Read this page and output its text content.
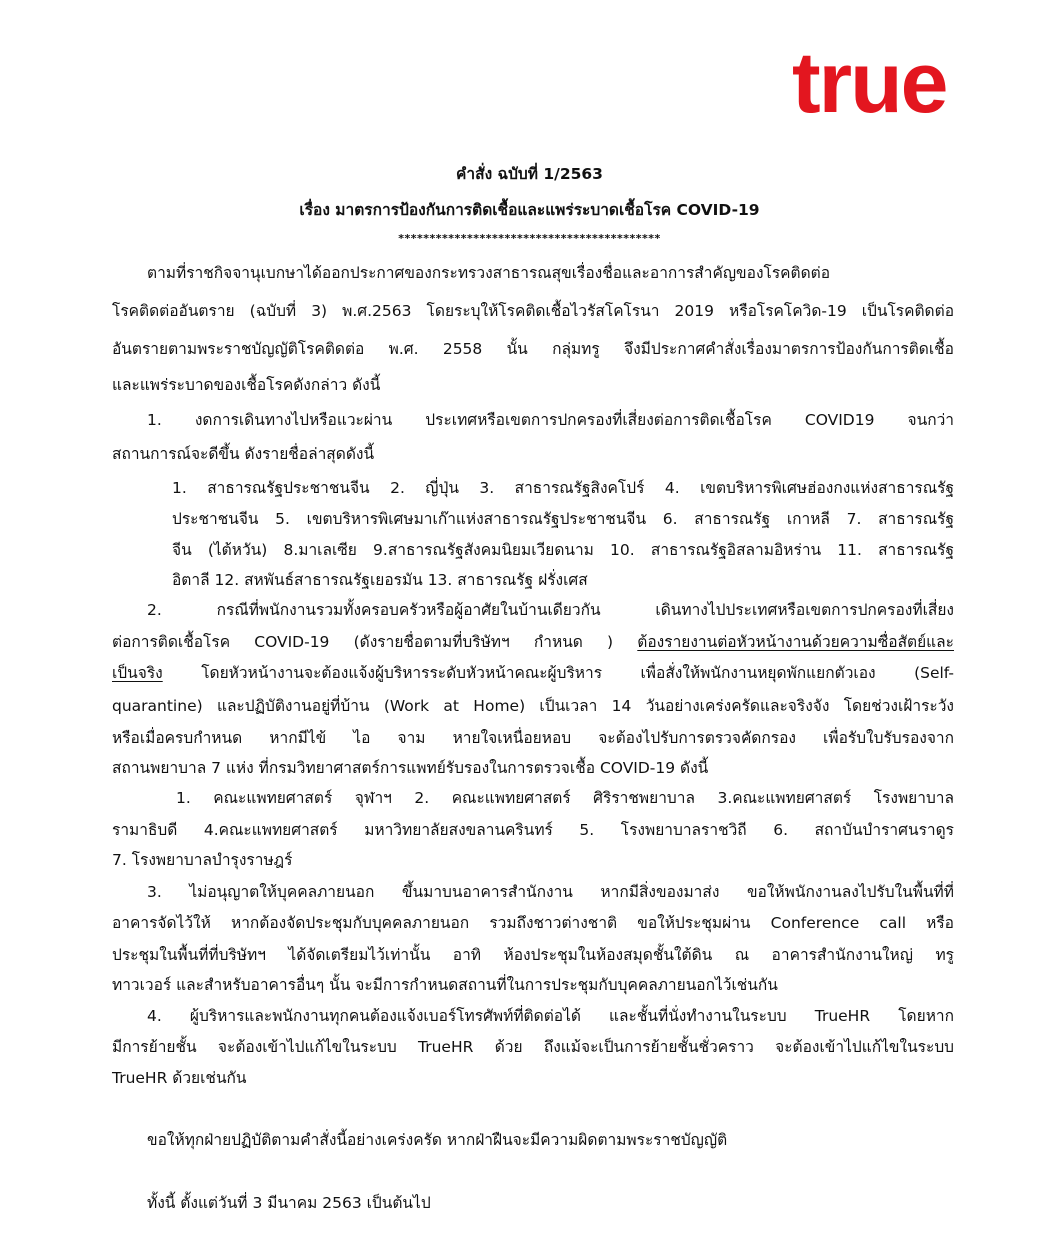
true
คำสั่ง ฉบับที่ 1/2563
เรื่อง มาตรการป้องกันการติดเชื้อและแพร่ระบาดเชื้อโรค COVID-19
******************************************
ตามที่ราชกิจจานุเบกษาได้ออกประกาศของกระทรวงสาธารณสุขเรื่องชื่อและอาการสำคัญของโรคติดต่อ
โรคติดต่ออันตราย (ฉบับที่ 3) พ.ศ.2563 โดยระบุให้โรคติดเชื้อไวรัสโคโรนา 2019 หรือโรคโควิด-19 เป็นโรคติดต่อ
อันตรายตามพระราชบัญญัติโรคติดต่อ พ.ศ. 2558 นั้น กลุ่มทรู จึงมีประกาศคำสั่งเรื่องมาตรการป้องกันการติดเชื้อ
และแพร่ระบาดของเชื้อโรคดังกล่าว ดังนี้
1. งดการเดินทางไปหรือแวะผ่าน ประเทศหรือเขตการปกครองที่เสี่ยงต่อการติดเชื้อโรค COVID19 จนกว่า
สถานการณ์จะดีขึ้น ดังรายชื่อล่าสุดดังนี้
1. สาธารณรัฐประชาชนจีน 2. ญี่ปุ่น 3. สาธารณรัฐสิงคโปร์ 4. เขตบริหารพิเศษฮ่องกงแห่งสาธารณรัฐ
ประชาชนจีน 5. เขตบริหารพิเศษมาเก๊าแห่งสาธารณรัฐประชาชนจีน 6. สาธารณรัฐ เกาหลี 7. สาธารณรัฐ
จีน (ไต้หวัน) 8.มาเลเซีย 9.สาธารณรัฐสังคมนิยมเวียดนาม 10. สาธารณรัฐอิสลามอิหร่าน 11. สาธารณรัฐ
อิตาลี 12. สหพันธ์สาธารณรัฐเยอรมัน 13. สาธารณรัฐ ฝรั่งเศส
2. กรณีที่พนักงานรวมทั้งครอบครัวหรือผู้อาศัยในบ้านเดียวกัน เดินทางไปประเทศหรือเขตการปกครองที่เสี่ยง
ต่อการติดเชื้อโรค COVID-19 (ดังรายชื่อตามที่บริษัทฯ กำหนด ) ต้องรายงานต่อหัวหน้างานด้วยความซื่อสัตย์และ
เป็นจริง โดยหัวหน้างานจะต้องแจ้งผู้บริหารระดับหัวหน้าคณะผู้บริหาร เพื่อสั่งให้พนักงานหยุดพักแยกตัวเอง (Self-
quarantine) และปฏิบัติงานอยู่ที่บ้าน (Work at Home) เป็นเวลา 14 วันอย่างเคร่งครัดและจริงจัง โดยช่วงเฝ้าระวัง
หรือเมื่อครบกำหนด หากมีไข้ ไอ จาม หายใจเหนื่อยหอบ จะต้องไปรับการตรวจคัดกรอง เพื่อรับใบรับรองจาก
สถานพยาบาล 7 แห่ง ที่กรมวิทยาศาสตร์การแพทย์รับรองในการตรวจเชื้อ COVID-19 ดังนี้
1. คณะแพทยศาสตร์ จุฬาฯ 2. คณะแพทยศาสตร์ ศิริราชพยาบาล 3.คณะแพทยศาสตร์ โรงพยาบาล
รามาธิบดี 4.คณะแพทยศาสตร์ มหาวิทยาลัยสงขลานครินทร์ 5. โรงพยาบาลราชวิถี 6. สถาบันบำราศนราดูร
7. โรงพยาบาลบำรุงราษฎร์
3. ไม่อนุญาตให้บุคคลภายนอก ขึ้นมาบนอาคารสำนักงาน หากมีสิ่งของมาส่ง ขอให้พนักงานลงไปรับในพื้นที่ที่
อาคารจัดไว้ให้ หากต้องจัดประชุมกับบุคคลภายนอก รวมถึงชาวต่างชาติ ขอให้ประชุมผ่าน Conference call หรือ
ประชุมในพื้นที่ที่บริษัทฯ ได้จัดเตรียมไว้เท่านั้น อาทิ ห้องประชุมในห้องสมุดชั้นใต้ดิน ณ อาคารสำนักงานใหญ่ ทรู
ทาวเวอร์ และสำหรับอาคารอื่นๆ นั้น จะมีการกำหนดสถานที่ในการประชุมกับบุคคลภายนอกไว้เช่นกัน
4. ผู้บริหารและพนักงานทุกคนต้องแจ้งเบอร์โทรศัพท์ที่ติดต่อได้ และชั้นที่นั่งทำงานในระบบ TrueHR โดยหาก
มีการย้ายชั้น จะต้องเข้าไปแก้ไขในระบบ TrueHR ด้วย ถึงแม้จะเป็นการย้ายชั้นชั่วคราว จะต้องเข้าไปแก้ไขในระบบ
TrueHR ด้วยเช่นกัน
ขอให้ทุกฝ่ายปฏิบัติตามคำสั่งนี้อย่างเคร่งครัด หากฝ่าฝืนจะมีความผิดตามพระราชบัญญัติ
ทั้งนี้ ตั้งแต่วันที่ 3 มีนาคม 2563 เป็นต้นไป
